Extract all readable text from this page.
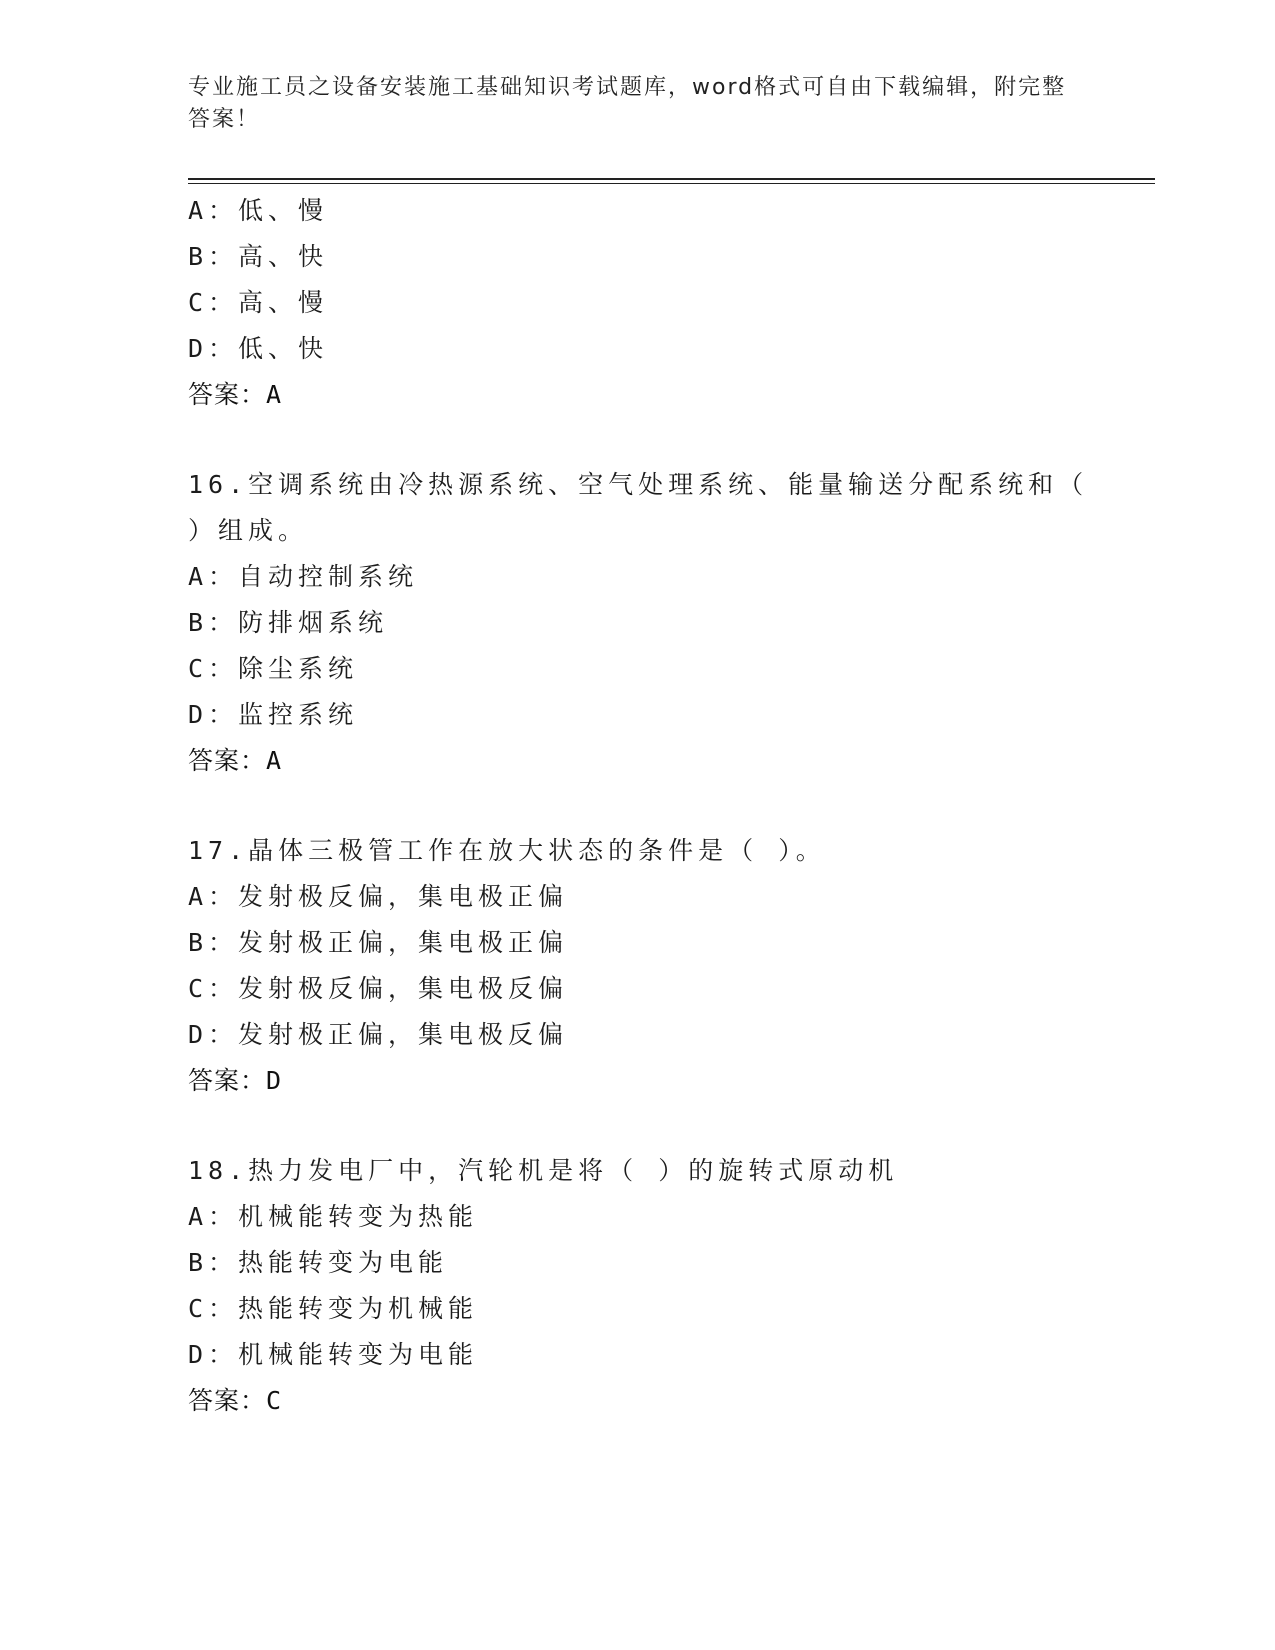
专业施工员之设备安装施工基础知识考试题库，word格式可自由下载编辑，附完整答案！
A：低、慢
B：高、快
C：高、慢
D：低、快
答案：A
16.空调系统由冷热源系统、空气处理系统、能量输送分配系统和（
）组成。
A：自动控制系统
B：防排烟系统
C：除尘系统
D：监控系统
答案：A
17.晶体三极管工作在放大状态的条件是（ ）。
A：发射极反偏，集电极正偏
B：发射极正偏，集电极正偏
C：发射极反偏，集电极反偏
D：发射极正偏，集电极反偏
答案：D
18.热力发电厂中，汽轮机是将（ ）的旋转式原动机
A：机械能转变为热能
B：热能转变为电能
C：热能转变为机械能
D：机械能转变为电能
答案：C
